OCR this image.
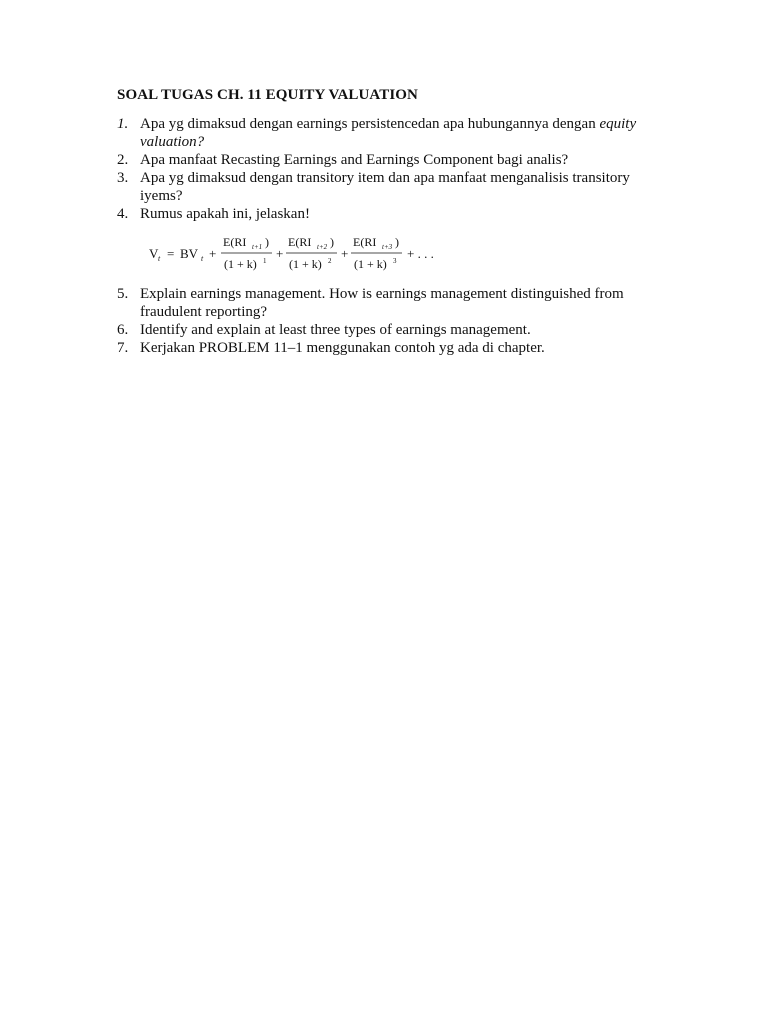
SOAL TUGAS CH. 11 EQUITY VALUATION
1. Apa yg dimaksud dengan earnings persistencedan apa hubungannya dengan equity valuation?
2. Apa manfaat Recasting Earnings and Earnings Component bagi analis?
3. Apa yg dimaksud dengan transitory item dan apa manfaat menganalisis transitory iyems?
4. Rumus apakah ini, jelaskan!
V t = BV t +
E(RI t+1 )
(1 + k) 1 +
E(RI t+2 )
(1 + k) 2 +
E(RI t+3 )
(1 + k) 3 + . . .
5. Explain earnings management. How is earnings management distinguished from fraudulent reporting?
6. Identify and explain at least three types of earnings management.
7. Kerjakan PROBLEM 11–1 menggunakan contoh yg ada di chapter.
